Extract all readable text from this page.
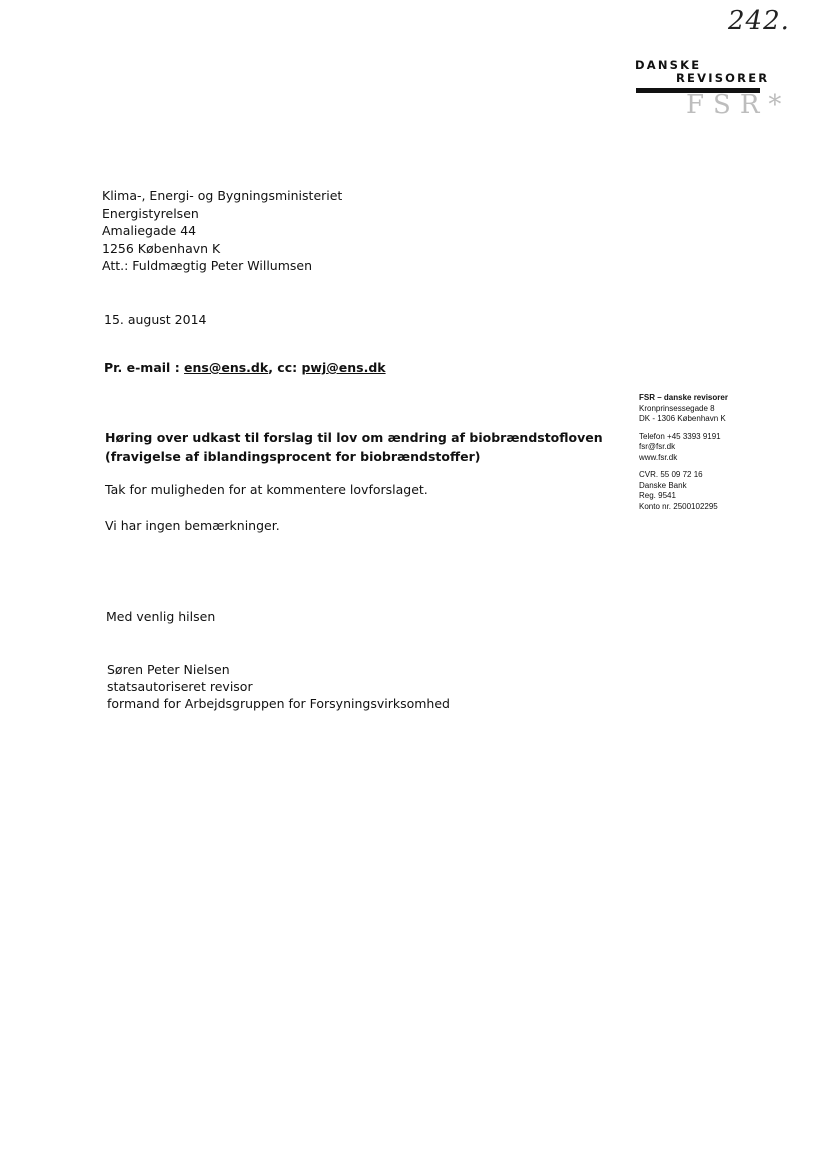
242.
DANSKE
REVISORER
FSR*
Klima-, Energi- og Bygningsministeriet
Energistyrelsen
Amaliegade 44
1256 København K
Att.: Fuldmægtig Peter Willumsen
15. august 2014
Pr. e-mail : ens@ens.dk, cc: pwj@ens.dk
FSR – danske revisorer
Kronprinsessegade 8
DK - 1306 København K
Telefon +45 3393 9191
fsr@fsr.dk
www.fsr.dk
CVR. 55 09 72 16
Danske Bank
Reg. 9541
Konto nr. 2500102295
Høring over udkast til forslag til lov om ændring af biobrændstofloven
(fravigelse af iblandingsprocent for biobrændstoffer)
Tak for muligheden for at kommentere lovforslaget.
Vi har ingen bemærkninger.
Med venlig hilsen
Søren Peter Nielsen
statsautoriseret revisor
formand for Arbejdsgruppen for Forsyningsvirksomhed
